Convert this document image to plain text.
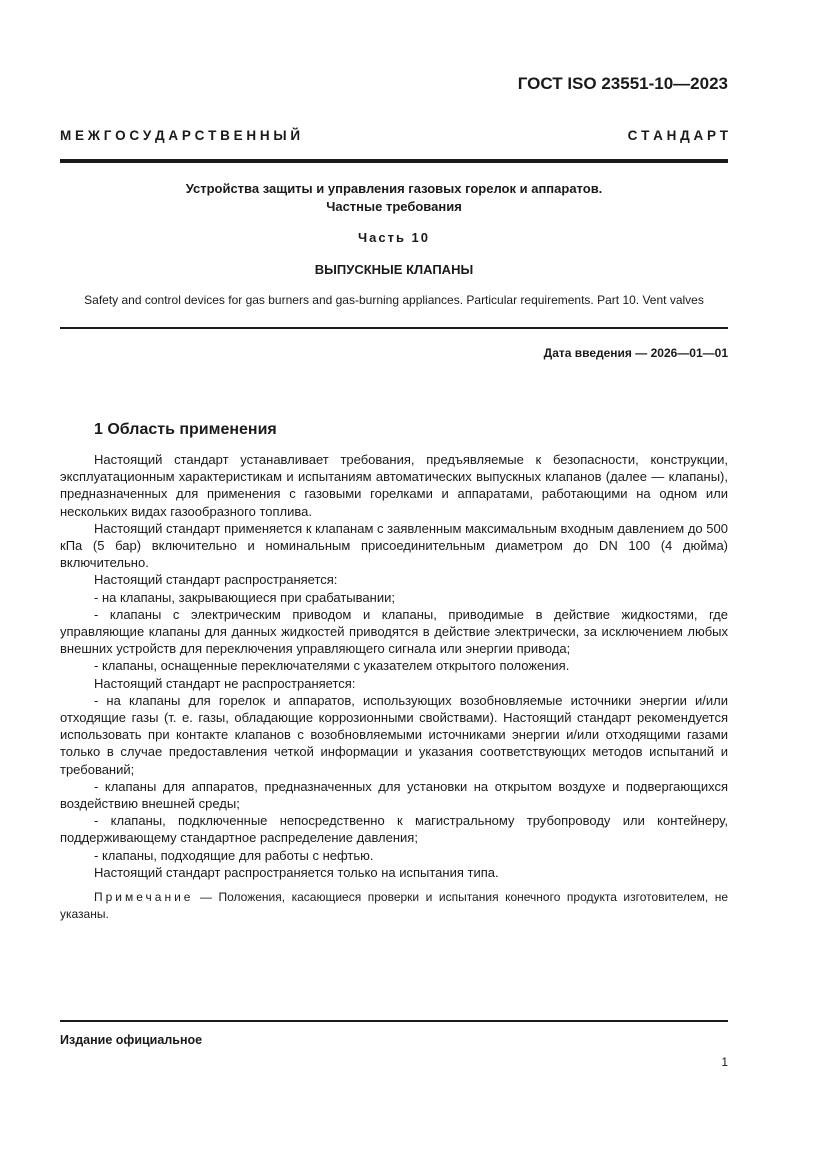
ГОСТ ISO 23551-10—2023
М Е Ж Г О С У Д А Р С Т В Е Н Н Ы Й	С Т А Н Д А Р Т
Устройства защиты и управления газовых горелок и аппаратов.
Частные требования
Часть 10
ВЫПУСКНЫЕ КЛАПАНЫ
Safety and control devices for gas burners and gas-burning appliances. Particular requirements. Part 10. Vent valves
Дата введения — 2026—01—01
1 Область применения

Настоящий стандарт устанавливает требования, предъявляемые к безопасности, конструкции, эксплуатационным характеристикам и испытаниям автоматических выпускных клапанов (далее — клапаны), предназначенных для применения с газовыми горелками и аппаратами, работающими на одном или нескольких видах газообразного топлива.

Настоящий стандарт применяется к клапанам с заявленным максимальным входным давлением до 500 кПа (5 бар) включительно и номинальным присоединительным диаметром до DN 100 (4 дюйма) включительно.

Настоящий стандарт распространяется:

- на клапаны, закрывающиеся при срабатывании;

- клапаны с электрическим приводом и клапаны, приводимые в действие жидкостями, где управляющие клапаны для данных жидкостей приводятся в действие электрически, за исключением любых внешних устройств для переключения управляющего сигнала или энергии привода;

- клапаны, оснащенные переключателями с указателем открытого положения.

Настоящий стандарт не распространяется:

- на клапаны для горелок и аппаратов, использующих возобновляемые источники энергии и/или отходящие газы (т. е. газы, обладающие коррозионными свойствами). Настоящий стандарт рекомендуется использовать при контакте клапанов с возобновляемыми источниками энергии и/или отходящими газами только в случае предоставления четкой информации и указания соответствующих методов испытаний и требований;

- клапаны для аппаратов, предназначенных для установки на открытом воздухе и подвергающихся воздействию внешней среды;

- клапаны, подключенные непосредственно к магистральному трубопроводу или контейнеру, поддерживающему стандартное распределение давления;

- клапаны, подходящие для работы с нефтью.

Настоящий стандарт распространяется только на испытания типа.

Примечание — Положения, касающиеся проверки и испытания конечного продукта изготовителем, не указаны.

Издание официальное
1
